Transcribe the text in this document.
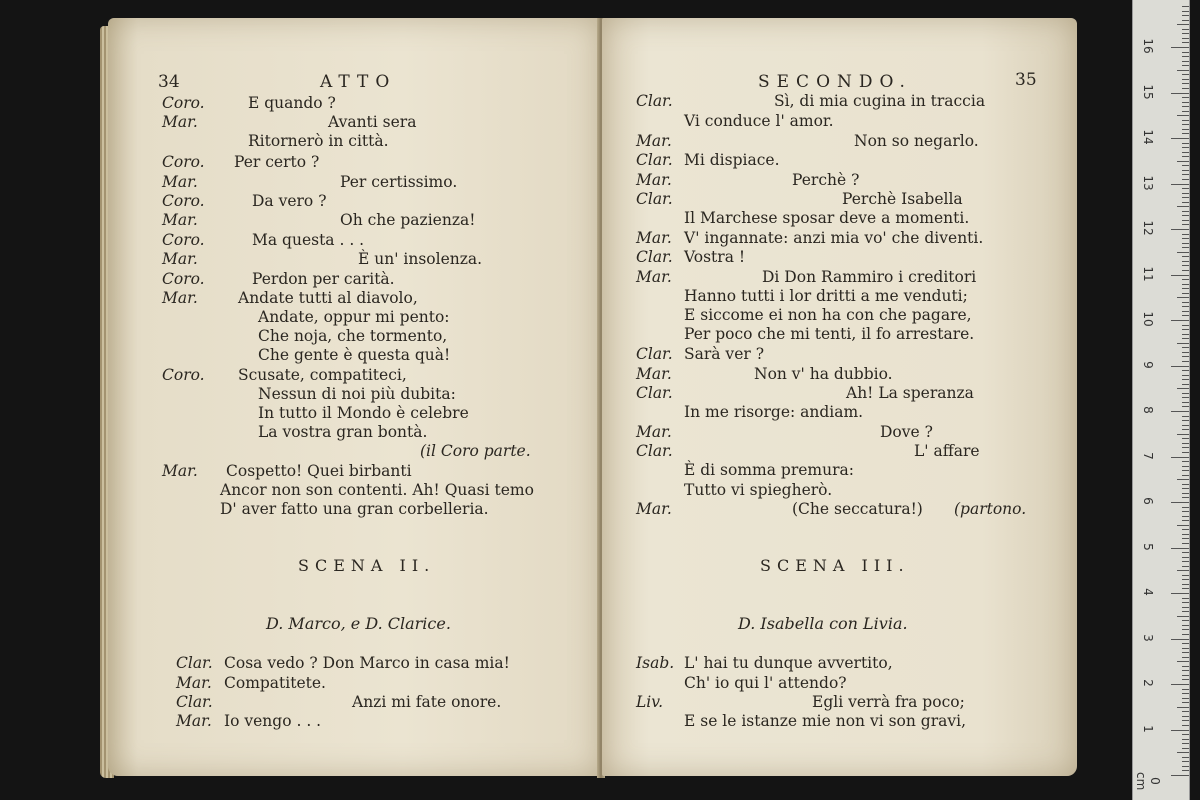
34	ATTO
Coro.	E quando ?
Mar.	Avanti sera
Ritornerò in città.
Coro. Per certo ?
Mar.	Per certissimo.
Coro.	Da vero ?
Mar.	Oh che pazienza!
Coro.	Ma questa . . .
Mar.	È un' insolenza.
Coro.	Perdon per carità.
Mar.	Andate tutti al diavolo,
Andate, oppur mi pento:
Che noja, che tormento,
Che gente è questa quà!
Coro. Scusate, compatiteci,
Nessun di noi più dubita:
In tutto il Mondo è celebre
La vostra gran bontà.
(il Coro parte.
Mar. Cospetto! Quei birbanti
Ancor non son contenti. Ah! Quasi temo
D' aver fatto una gran corbelleria.
SCENA II.
D. Marco, e D. Clarice.
Clar. Cosa vedo ? Don Marco in casa mia!
Mar. Compatitete.
Clar.	Anzi mi fate onore.
Mar. Io vengo . . .
SECONDO.	35
Clar.	Sì, di mia cugina in traccia
Vi conduce l' amor.
Mar.	Non so negarlo.
Clar. Mi dispiace.
Mar.	Perchè ?
Clar.	Perchè Isabella
Il Marchese sposar deve a momenti.
Mar. V' ingannate: anzi mia vo' che diventi.
Clar. Vostra !
Mar.	Di Don Rammiro i creditori
Hanno tutti i lor dritti a me venduti;
E siccome ei non ha con che pagare,
Per poco che mi tenti, il fo arrestare.
Clar. Sarà ver ?
Mar.	Non v' ha dubbio.
Clar.	Ah! La speranza
In me risorge: andiam.
Mar.	Dove ?
Clar.	L' affare
È di somma premura:
Tutto vi spiegherò.
Mar.	(Che seccatura!) (partono.
SCENA III.
D. Isabella con Livia.
Isab. L' hai tu dunque avvertito,
Ch' io qui l' attendo?
Liv.	Egli verrà fra poco;
E se le istanze mie non vi son gravi,
0 cm
1
2
3
4
5
6
7
8
9
10
11
12
13
14
15
16
